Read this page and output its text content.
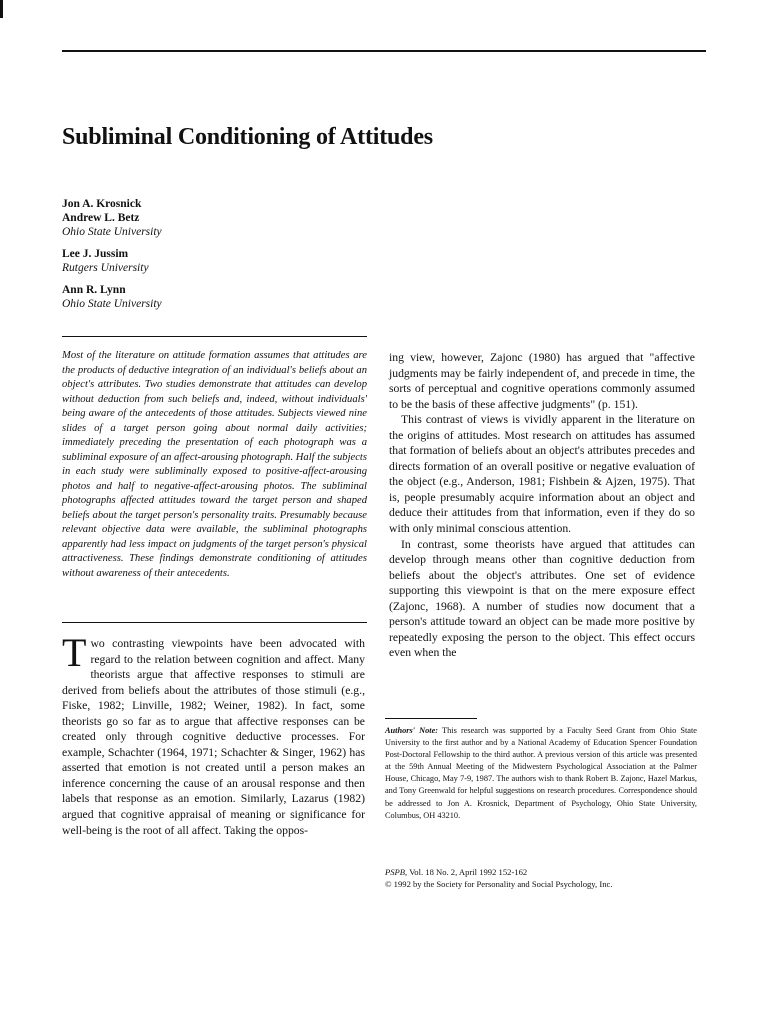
Subliminal Conditioning of Attitudes
Jon A. Krosnick
Andrew L. Betz
Ohio State University
Lee J. Jussim
Rutgers University
Ann R. Lynn
Ohio State University

Most of the literature on attitude formation assumes that attitudes are the products of deductive integration of an individual's beliefs about an object's attributes. Two studies demonstrate that attitudes can develop without deduction from such beliefs and, indeed, without individuals' being aware of the antecedents of those attitudes. Subjects viewed nine slides of a target person going about normal daily activities; immediately preceding the presentation of each photograph was a subliminal exposure of an affect-arousing photograph. Half the subjects in each study were subliminally exposed to positive-affect-arousing photos and half to negative-affect-arousing photos. The subliminal photographs affected attitudes toward the target person and shaped beliefs about the target person's personality traits. Presumably because relevant objective data were available, the subliminal photographs apparently had less impact on judgments of the target person's physical attractiveness. These findings demonstrate conditioning of attitudes without awareness of their antecedents.

Two contrasting viewpoints have been advocated with regard to the relation between cognition and affect. Many theorists argue that affective responses to stimuli are derived from beliefs about the attributes of those stimuli (e.g., Fiske, 1982; Linville, 1982; Weiner, 1982). In fact, some theorists go so far as to argue that affective responses can be created only through cognitive deductive processes. For example, Schachter (1964, 1971; Schachter & Singer, 1962) has asserted that emotion is not created until a person makes an inference concerning the cause of an arousal response and then labels that response as an emotion. Similarly, Lazarus (1982) argued that cognitive appraisal of meaning or significance for well-being is the root of all affect. Taking the oppos-

ing view, however, Zajonc (1980) has argued that "affective judgments may be fairly independent of, and precede in time, the sorts of perceptual and cognitive operations commonly assumed to be the basis of these affective judgments" (p. 151).

This contrast of views is vividly apparent in the literature on the origins of attitudes. Most research on attitudes has assumed that formation of beliefs about an object's attributes precedes and directs formation of an overall positive or negative evaluation of the object (e.g., Anderson, 1981; Fishbein & Ajzen, 1975). That is, people presumably acquire information about an object and deduce their attitudes from that information, even if they do so with only minimal conscious attention.

In contrast, some theorists have argued that attitudes can develop through means other than cognitive deduction from beliefs about the object's attributes. One set of evidence supporting this viewpoint is that on the mere exposure effect (Zajonc, 1968). A number of studies now document that a person's attitude toward an object can be made more positive by repeatedly exposing the person to the object. This effect occurs even when the

Authors' Note: This research was supported by a Faculty Seed Grant from Ohio State University to the first author and by a National Academy of Education Spencer Foundation Post-Doctoral Fellowship to the third author. A previous version of this article was presented at the 59th Annual Meeting of the Midwestern Psychological Association at the Palmer House, Chicago, May 7-9, 1987. The authors wish to thank Robert B. Zajonc, Hazel Markus, and Tony Greenwald for helpful suggestions on research procedures. Correspondence should be addressed to Jon A. Krosnick, Department of Psychology, Ohio State University, Columbus, OH 43210.

PSPB, Vol. 18 No. 2, April 1992 152-162
© 1992 by the Society for Personality and Social Psychology, Inc.
